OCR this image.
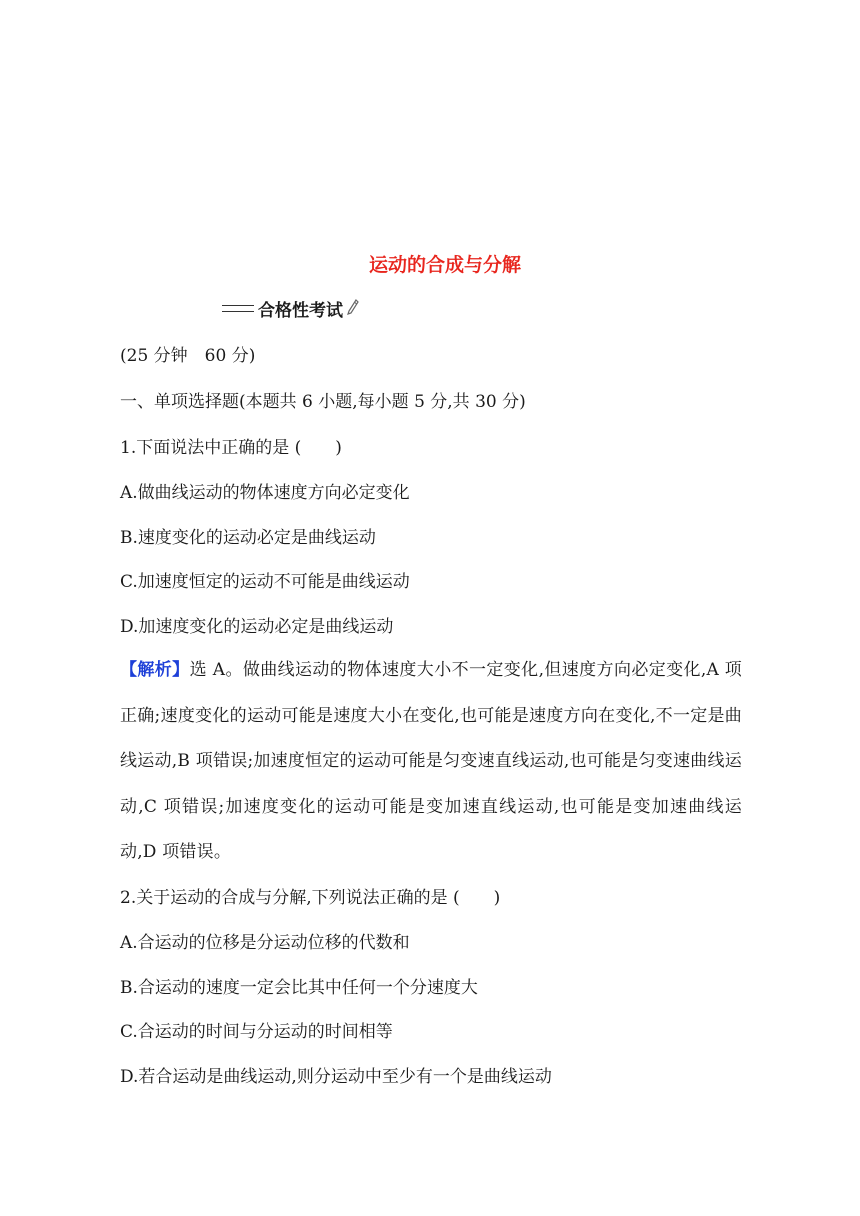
运动的合成与分解
合格性考试
(25 分钟　60 分)
一、单项选择题(本题共 6 小题,每小题 5 分,共 30 分)
1.下面说法中正确的是 (　　)
A.做曲线运动的物体速度方向必定变化
B.速度变化的运动必定是曲线运动
C.加速度恒定的运动不可能是曲线运动
D.加速度变化的运动必定是曲线运动
【解析】选 A。做曲线运动的物体速度大小不一定变化,但速度方向必定变化,A 项正确;速度变化的运动可能是速度大小在变化,也可能是速度方向在变化,不一定是曲线运动,B 项错误;加速度恒定的运动可能是匀变速直线运动,也可能是匀变速曲线运动,C 项错误;加速度变化的运动可能是变加速直线运动,也可能是变加速曲线运动,D 项错误。
2.关于运动的合成与分解,下列说法正确的是 (　　)
A.合运动的位移是分运动位移的代数和
B.合运动的速度一定会比其中任何一个分速度大
C.合运动的时间与分运动的时间相等
D.若合运动是曲线运动,则分运动中至少有一个是曲线运动
